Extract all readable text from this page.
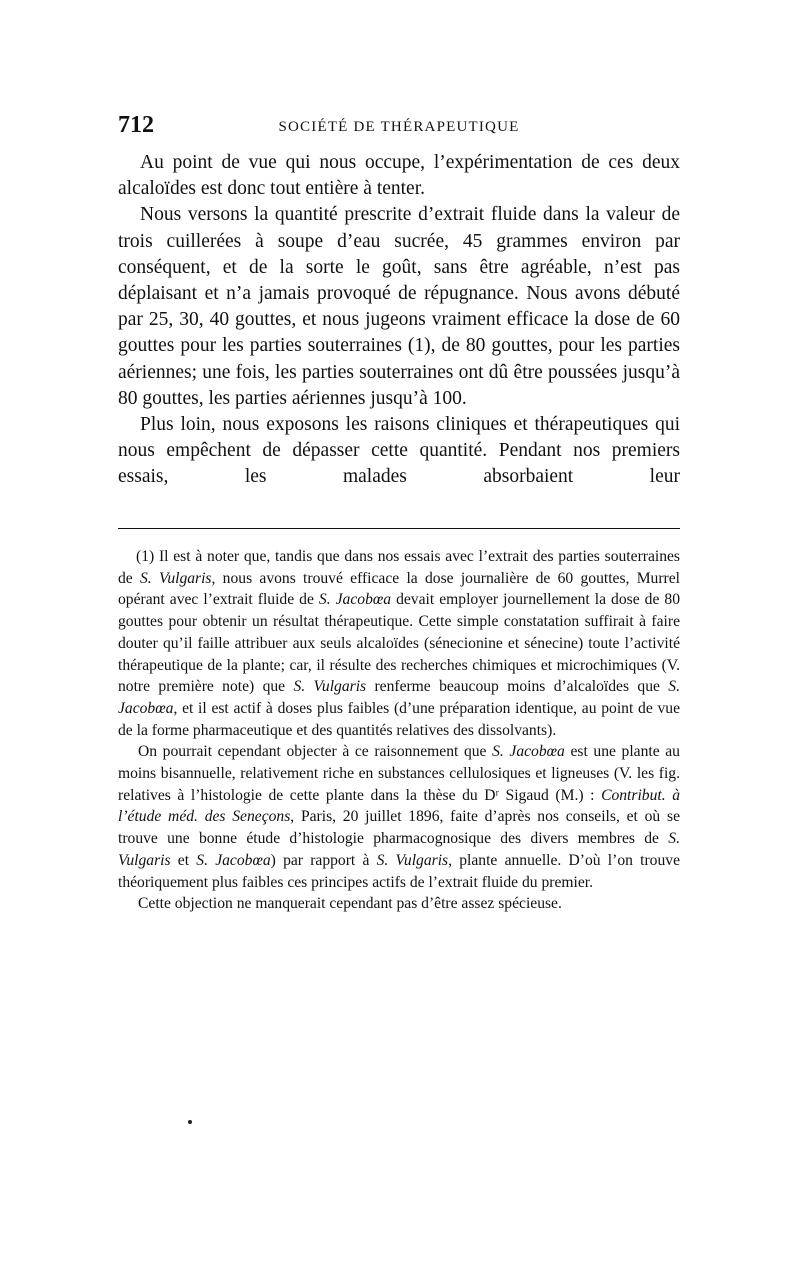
712	SOCIÉTÉ DE THÉRAPEUTIQUE

Au point de vue qui nous occupe, l’expérimentation de ces deux alcaloïdes est donc tout entière à tenter.

Nous versons la quantité prescrite d’extrait fluide dans la valeur de trois cuillerées à soupe d’eau sucrée, 45 grammes environ par conséquent, et de la sorte le goût, sans être agréable, n’est pas déplaisant et n’a jamais provoqué de répugnance. Nous avons débuté par 25, 30, 40 gouttes, et nous jugeons vraiment efficace la dose de 60 gouttes pour les parties souterraines (1), de 80 gouttes, pour les parties aériennes; une fois, les parties souterraines ont dû être poussées jusqu’à 80 gouttes, les parties aériennes jusqu’à 100.

Plus loin, nous exposons les raisons cliniques et thérapeutiques qui nous empêchent de dépasser cette quantité. Pendant nos premiers essais, les malades absorbaient leur

(1) Il est à noter que, tandis que dans nos essais avec l’extrait des parties souterraines de S. Vulgaris, nous avons trouvé efficace la dose journalière de 60 gouttes, Murrel opérant avec l’extrait fluide de S. Jacobœa devait employer journellement la dose de 80 gouttes pour obtenir un résultat thérapeutique. Cette simple constatation suffirait à faire douter qu’il faille attribuer aux seuls alcaloïdes (sénecionine et sénecine) toute l’activité thérapeutique de la plante; car, il résulte des recherches chimiques et microchimiques (V. notre première note) que S. Vulgaris renferme beaucoup moins d’alcaloïdes que S. Jacobœa, et il est actif à doses plus faibles (d’une préparation identique, au point de vue de la forme pharmaceutique et des quantités relatives des dissolvants).

On pourrait cependant objecter à ce raisonnement que S. Jacobœa est une plante au moins bisannuelle, relativement riche en substances cellulosiques et ligneuses (V. les fig. relatives à l’histologie de cette plante dans la thèse du Dʳ Sigaud (M.) : Contribut. à l’étude méd. des Seneçons, Paris, 20 juillet 1896, faite d’après nos conseils, et où se trouve une bonne étude d’histologie pharmacognosique des divers membres de S. Vulgaris et S. Jacobœa) par rapport à S. Vulgaris, plante annuelle. D’où l’on trouve théoriquement plus faibles ces principes actifs de l’extrait fluide du premier.

Cette objection ne manquerait cependant pas d’être assez spécieuse.
